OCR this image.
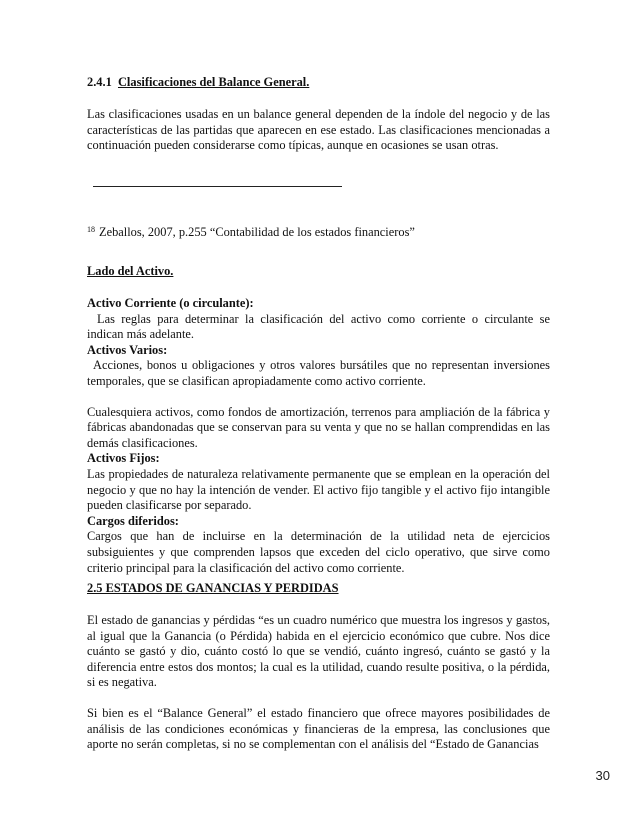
2.4.1 Clasificaciones del Balance General.

Las clasificaciones usadas en un balance general dependen de la índole del negocio y de las características de las partidas que aparecen en ese estado. Las clasificaciones mencionadas a continuación pueden considerarse como típicas, aunque en ocasiones se usan otras.

$^{18}$ Zeballos, 2007, p.255 “Contabilidad de los estados financieros”
Lado del Activo.

Activo Corriente (o circulante):

Las reglas para determinar la clasificación del activo como corriente o circulante se indican más adelante.

Activos Varios:

Acciones, bonos u obligaciones y otros valores bursátiles que no representan inversiones temporales, que se clasifican apropiadamente como activo corriente.

Cualesquiera activos, como fondos de amortización, terrenos para ampliación de la fábrica y fábricas abandonadas que se conservan para su venta y que no se hallan comprendidas en las demás clasificaciones.

Activos Fijos:

Las propiedades de naturaleza relativamente permanente que se emplean en la operación del negocio y que no hay la intención de vender. El activo fijo tangible y el activo fijo intangible pueden clasificarse por separado.

Cargos diferidos:

Cargos que han de incluirse en la determinación de la utilidad neta de ejercicios subsiguientes y que comprenden lapsos que exceden del ciclo operativo, que sirve como criterio principal para la clasificación del activo como corriente.

2.5 ESTADOS DE GANANCIAS Y PERDIDAS

El estado de ganancias y pérdidas “es un cuadro numérico que muestra los ingresos y gastos, al igual que la Ganancia (o Pérdida) habida en el ejercicio económico que cubre. Nos dice cuánto se gastó y dio, cuánto costó lo que se vendió, cuánto ingresó, cuánto se gastó y la diferencia entre estos dos montos; la cual es la utilidad, cuando resulte positiva, o la pérdida, si es negativa.

Si bien es el “Balance General” el estado financiero que ofrece mayores posibilidades de análisis de las condiciones económicas y financieras de la empresa, las conclusiones que aporte no serán completas, si no se complementan con el análisis del “Estado de Ganancias

30
